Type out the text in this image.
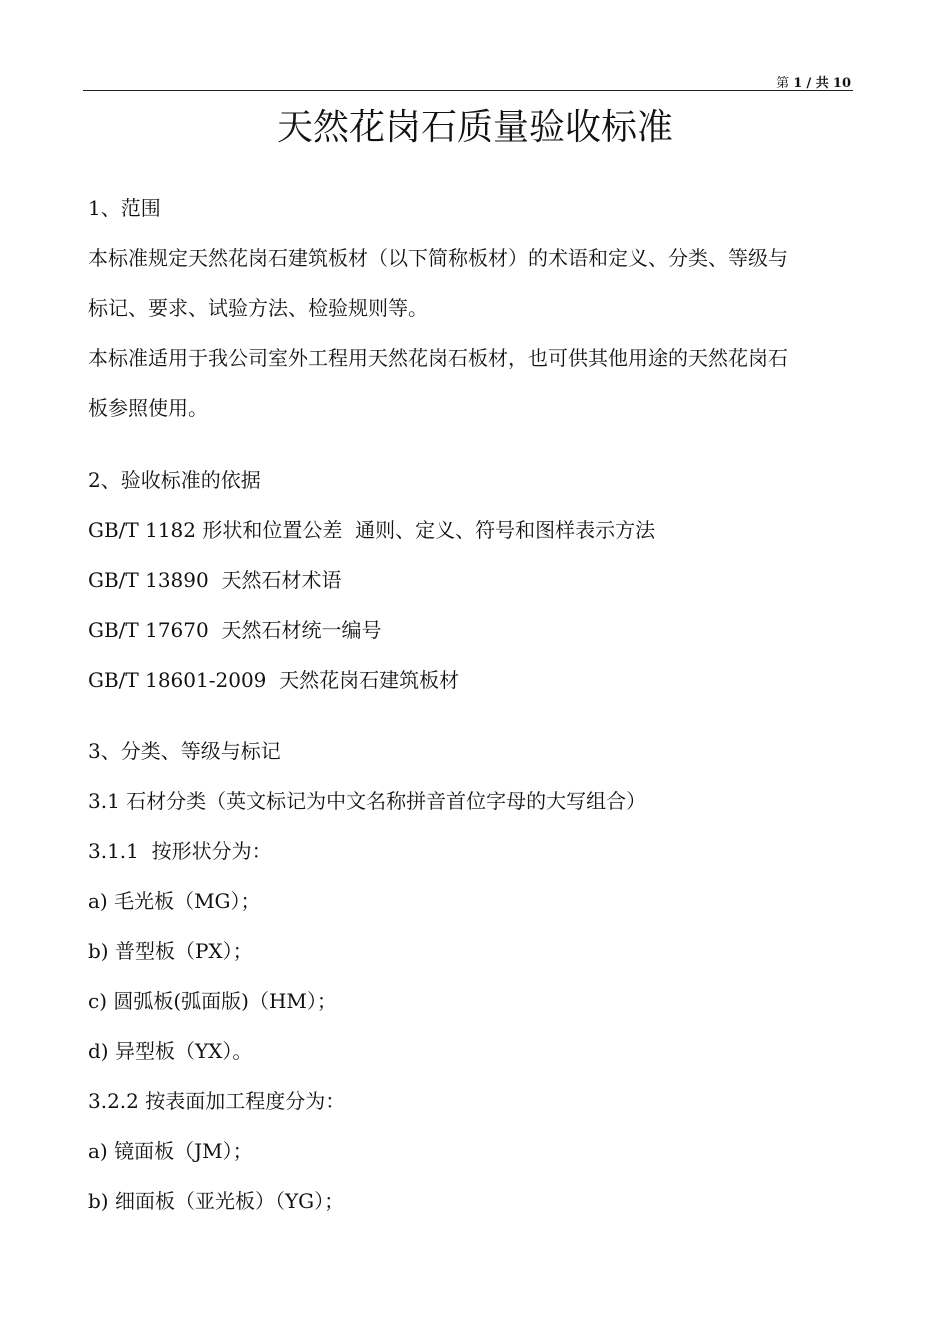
第 1 / 共 10
天然花岗石质量验收标准
1、范围
本标准规定天然花岗石建筑板材（以下简称板材）的术语和定义、分类、等级与
标记、要求、试验方法、检验规则等。
本标准适用于我公司室外工程用天然花岗石板材，也可供其他用途的天然花岗石
板参照使用。
2、验收标准的依据
GB/T 1182 形状和位置公差  通则、定义、符号和图样表示方法
GB/T 13890  天然石材术语
GB/T 17670  天然石材统一编号
GB/T 18601-2009  天然花岗石建筑板材
3、分类、等级与标记
3.1 石材分类（英文标记为中文名称拼音首位字母的大写组合）
3.1.1  按形状分为：
a) 毛光板（MG）；
b) 普型板（PX）；
c) 圆弧板(弧面版)（HM）；
d) 异型板（YX）。
3.2.2 按表面加工程度分为：
a) 镜面板（JM）；
b) 细面板（亚光板）（YG）；
